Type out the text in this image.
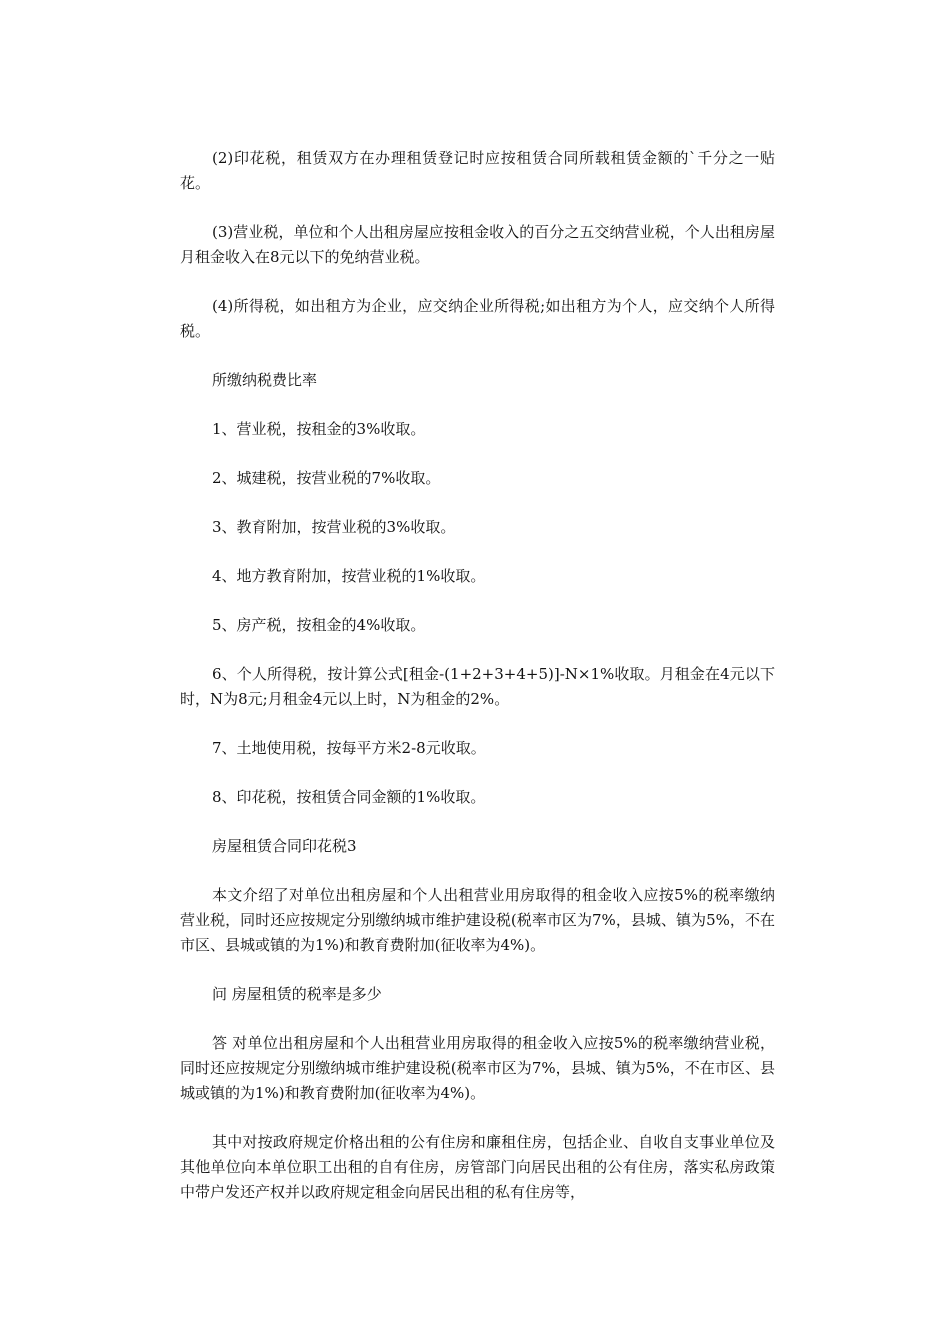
(2)印花税，租赁双方在办理租赁登记时应按租赁合同所载租赁金额的`千分之一贴花。

(3)营业税，单位和个人出租房屋应按租金收入的百分之五交纳营业税，个人出租房屋月租金收入在8元以下的免纳营业税。

(4)所得税，如出租方为企业，应交纳企业所得税;如出租方为个人，应交纳个人所得税。

所缴纳税费比率

1、营业税，按租金的3%收取。

2、城建税，按营业税的7%收取。

3、教育附加，按营业税的3%收取。

4、地方教育附加，按营业税的1%收取。

5、房产税，按租金的4%收取。

6、个人所得税，按计算公式[租金-(1+2+3+4+5)]-N×1%收取。月租金在4元以下时，N为8元;月租金4元以上时，N为租金的2%。

7、土地使用税，按每平方米2-8元收取。

8、印花税，按租赁合同金额的1%收取。

房屋租赁合同印花税3

本文介绍了对单位出租房屋和个人出租营业用房取得的租金收入应按5%的税率缴纳营业税，同时还应按规定分别缴纳城市维护建设税(税率市区为7%，县城、镇为5%，不在市区、县城或镇的为1%)和教育费附加(征收率为4%)。

问 房屋租赁的税率是多少

答 对单位出租房屋和个人出租营业用房取得的租金收入应按5%的税率缴纳营业税，同时还应按规定分别缴纳城市维护建设税(税率市区为7%，县城、镇为5%，不在市区、县城或镇的为1%)和教育费附加(征收率为4%)。

其中对按政府规定价格出租的公有住房和廉租住房，包括企业、自收自支事业单位及其他单位向本单位职工出租的自有住房，房管部门向居民出租的公有住房，落实私房政策中带户发还产权并以政府规定租金向居民出租的私有住房等，
